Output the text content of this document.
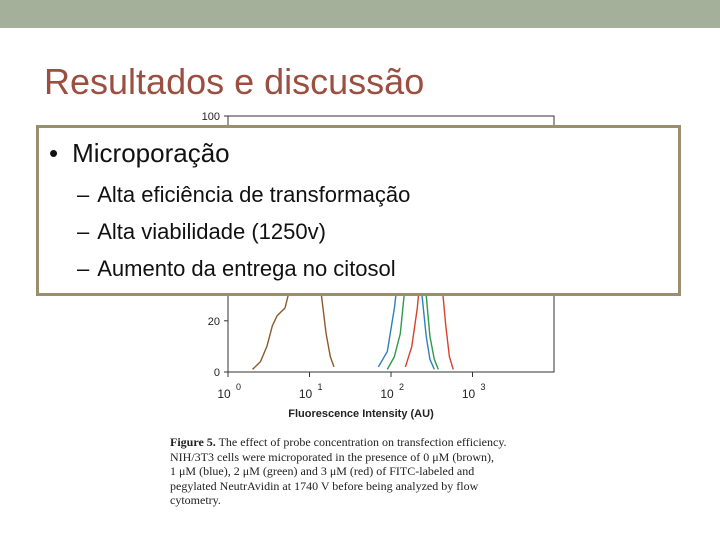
Resultados e discussão
0
20
100
10 0	10 1	10 2	10 3
Fluorescence Intensity (AU)
Figure 5. The effect of probe concentration on transfection efficiency.
NIH/3T3 cells were microporated in the presence of 0 μM (brown),
1 μM (blue), 2 μM (green) and 3 μM (red) of FITC-labeled and
pegylated NeutrAvidin at 1740 V before being analyzed by flow
cytometry.
• Microporação
– Alta eficiência de transformação
– Alta viabilidade (1250v)
– Aumento da entrega no citosol
